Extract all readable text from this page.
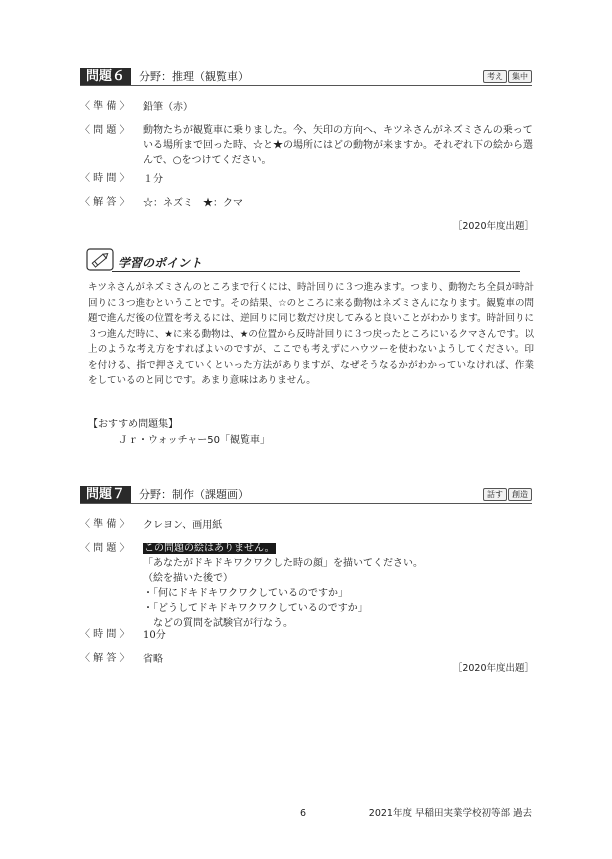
問題６	分野：推理（観覧車）	考え	集中
〈 準 備 〉	鉛筆（赤）
〈 問 題 〉	動物たちが観覧車に乗りました。今、矢印の方向へ、キツネさんがネズミさんの乗っている場所まで回った時、☆と★の場所にはどの動物が来ますか。それぞれ下の絵から選んで、○をつけてください。
〈 時 間 〉	１分
〈 解 答 〉	☆：ネズミ　★：クマ
［2020年度出題］
学習のポイント
キツネさんがネズミさんのところまで行くには、時計回りに３つ進みます。つまり、動物たち全員が時計回りに３つ進むということです。その結果、☆のところに来る動物はネズミさんになります。観覧車の問題で進んだ後の位置を考えるには、逆回りに同じ数だけ戻してみると良いことがわかります。時計回りに３つ進んだ時に、★に来る動物は、★の位置から反時計回りに３つ戻ったところにいるクマさんです。以上のような考え方をすればよいのですが、ここでも考えずにハウツーを使わないようしてください。印を付ける、指で押さえていくといった方法がありますが、なぜそうなるかがわかっていなければ、作業をしているのと同じです。あまり意味はありません。
【おすすめ問題集】
Ｊｒ・ウォッチャー50「観覧車」
問題７	分野：制作（課題画）	話す	創造
〈 準 備 〉	クレヨン、画用紙
〈 問 題 〉	この問題の絵はありません。
「あなたがドキドキワクワクした時の顔」を描いてください。
（絵を描いた後で）
・「何にドキドキワクワクしているのですか」
・「どうしてドキドキワクワクしているのですか」
　などの質問を試験官が行なう。
〈 時 間 〉	10分
〈 解 答 〉	省略
［2020年度出題］
6	2021年度 早稲田実業学校初等部 過去
